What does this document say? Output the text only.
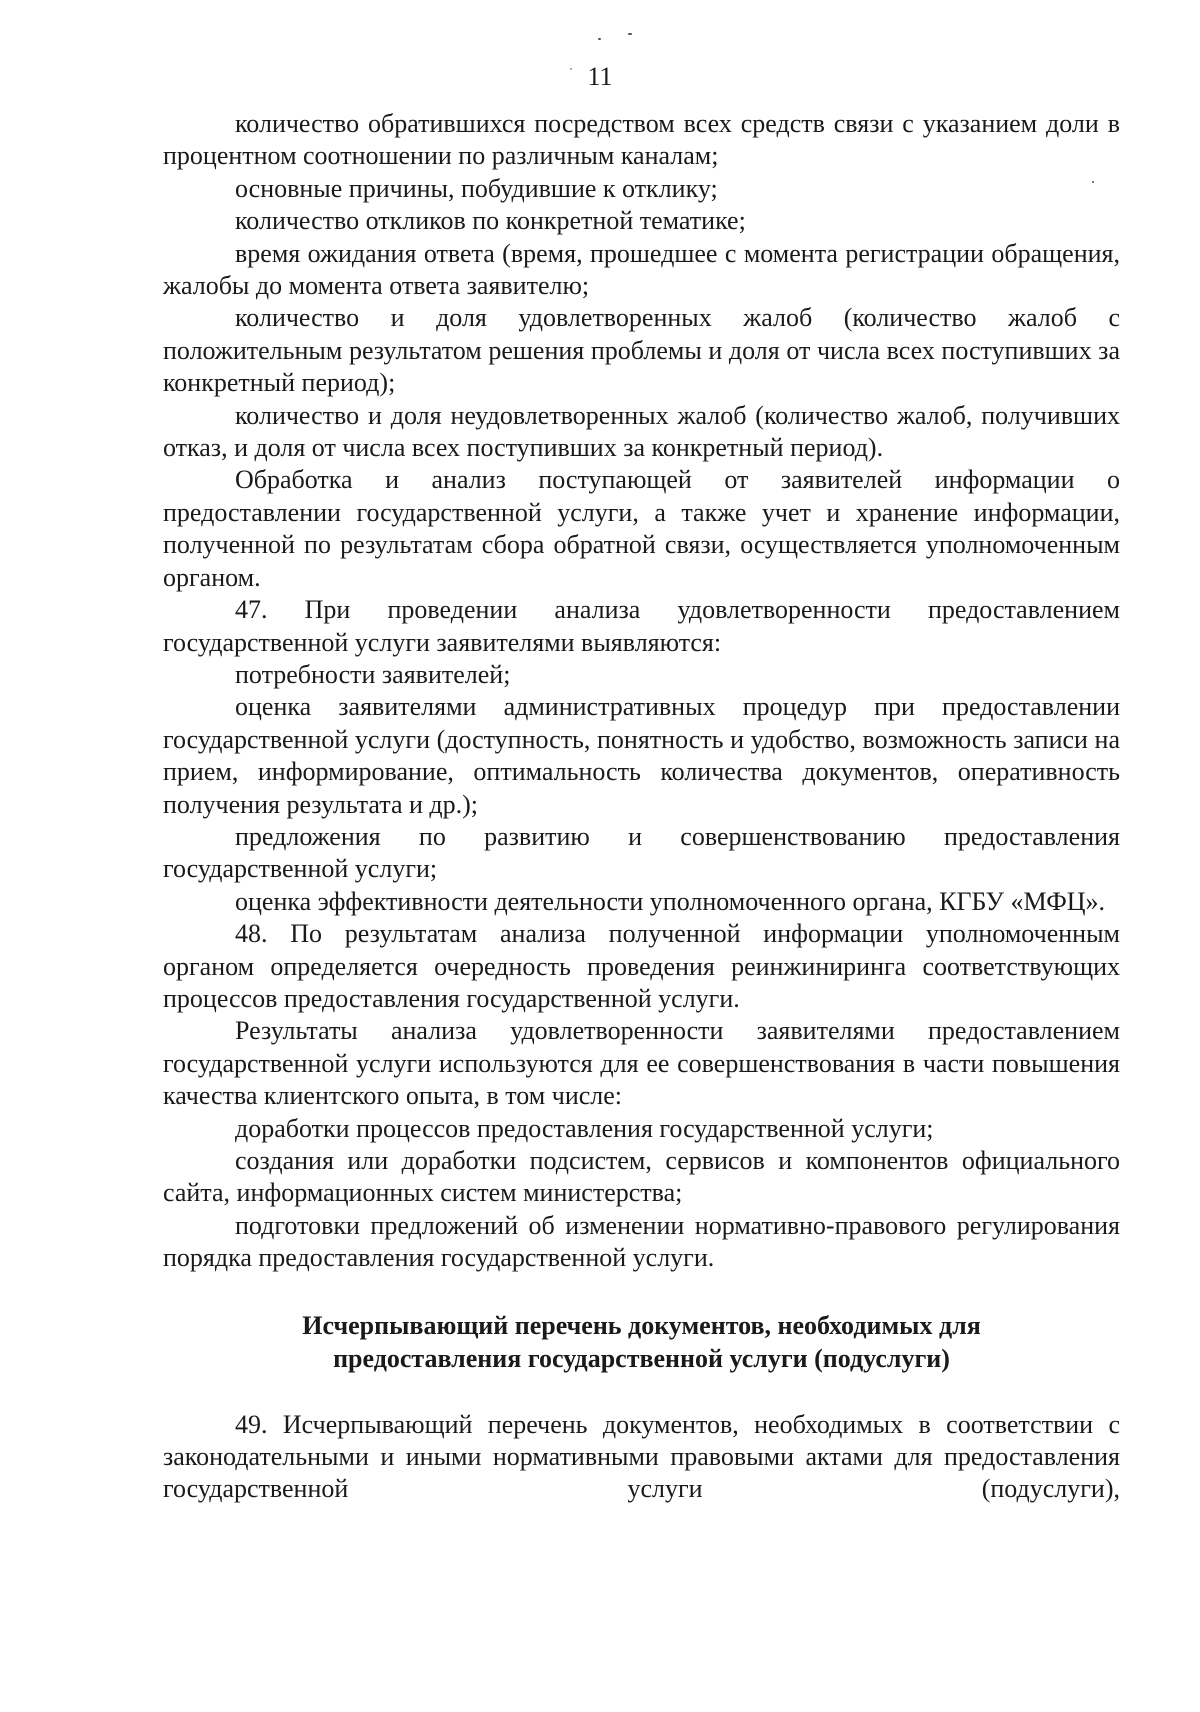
11

количество обратившихся посредством всех средств связи с указанием доли в процентном соотношении по различным каналам;

основные причины, побудившие к отклику;

количество откликов по конкретной тематике;

время ожидания ответа (время, прошедшее с момента регистрации обращения, жалобы до момента ответа заявителю;

количество и доля удовлетворенных жалоб (количество жалоб с положительным результатом решения проблемы и доля от числа всех поступивших за конкретный период);

количество и доля неудовлетворенных жалоб (количество жалоб, получивших отказ, и доля от числа всех поступивших за конкретный период).

Обработка и анализ поступающей от заявителей информации о предоставлении государственной услуги, а также учет и хранение информации, полученной по результатам сбора обратной связи, осуществляется уполномоченным органом.

47. При проведении анализа удовлетворенности предоставлением государственной услуги заявителями выявляются:

потребности заявителей;

оценка заявителями административных процедур при предоставлении государственной услуги (доступность, понятность и удобство, возможность записи на прием, информирование, оптимальность количества документов, оперативность получения результата и др.);

предложения по развитию и совершенствованию предоставления государственной услуги;

оценка эффективности деятельности уполномоченного органа, КГБУ «МФЦ».

48. По результатам анализа полученной информации уполномоченным органом определяется очередность проведения реинжиниринга соответствующих процессов предоставления государственной услуги.

Результаты анализа удовлетворенности заявителями предоставлением государственной услуги используются для ее совершенствования в части повышения качества клиентского опыта, в том числе:

доработки процессов предоставления государственной услуги;

создания или доработки подсистем, сервисов и компонентов официального сайта, информационных систем министерства;

подготовки предложений об изменении нормативно-правового регулирования порядка предоставления государственной услуги.

Исчерпывающий перечень документов, необходимых для
предоставления государственной услуги (подуслуги)

49. Исчерпывающий перечень документов, необходимых в соответствии с законодательными и иными нормативными правовыми актами для предоставления государственной услуги (подуслуги),
